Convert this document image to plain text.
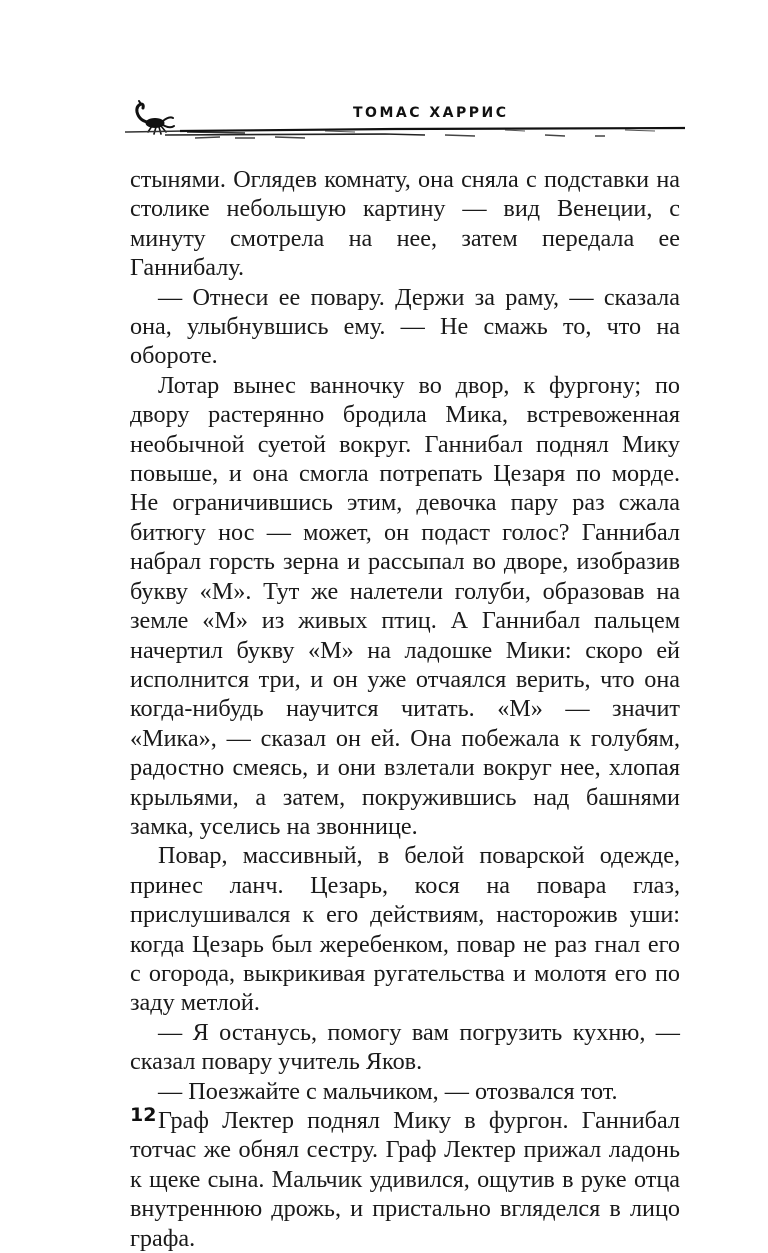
ТОМАС ХАРРИС

стынями. Оглядев комнату, она сняла с подставки на столике небольшую картину — вид Венеции, с минуту смотрела на нее, затем передала ее Ганнибалу.

— Отнеси ее повару. Держи за раму, — сказала она, улыбнувшись ему. — Не смажь то, что на обороте.

Лотар вынес ванночку во двор, к фургону; по двору растерянно бродила Мика, встревоженная необычной суетой вокруг. Ганнибал поднял Мику повыше, и она смогла потрепать Цезаря по морде. Не ограничившись этим, девочка пару раз сжала битюгу нос — может, он подаст голос? Ганнибал набрал горсть зерна и рассыпал во дворе, изобразив букву «М». Тут же налетели голуби, образовав на земле «М» из живых птиц. А Ганнибал пальцем начертил букву «М» на ладошке Мики: скоро ей исполнится три, и он уже отчаялся верить, что она когда-нибудь научится читать. «М» — значит «Мика», — сказал он ей. Она побежала к голубям, радостно смеясь, и они взлетали вокруг нее, хлопая крыльями, а затем, покружившись над башнями замка, уселись на звоннице.

Повар, массивный, в белой поварской одежде, принес ланч. Цезарь, кося на повара глаз, прислушивался к его действиям, насторожив уши: когда Цезарь был жеребенком, повар не раз гнал его с огорода, выкрикивая ругательства и молотя его по заду метлой.

— Я останусь, помогу вам погрузить кухню, — сказал повару учитель Яков.

— Поезжайте с мальчиком, — отозвался тот.

Граф Лектер поднял Мику в фургон. Ганнибал тотчас же обнял сестру. Граф Лектер прижал ладонь к щеке сына. Мальчик удивился, ощутив в руке отца внутреннюю дрожь, и пристально вгляделся в лицо графа.

12
